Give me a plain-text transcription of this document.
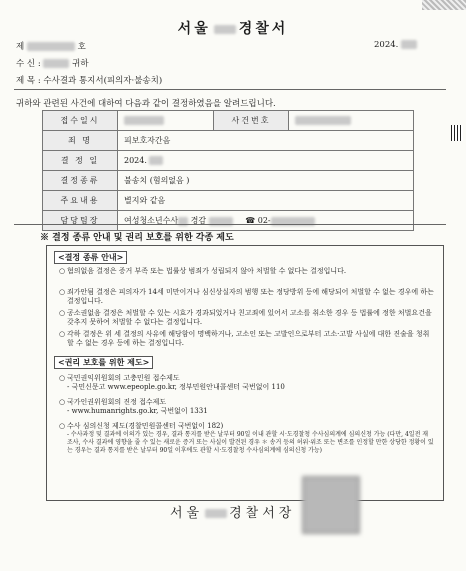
서울 경찰서
제	호	2024.
수 신 :	귀하
제 목 : 수사결과 통지서(피의자·불송치)
귀하와 관련된 사건에 대하여 다음과 같이 결정하였음을 알려드립니다.
접수일시		사건번호	
죄 명	피보호자간음		
결 정 일	2024.		
결정종류	불송치 (혐의없음 )		
주요내용	별지와 같음		
담당팀장	여성청소년수사 경감 ☎ 02-		
※ 결정 종류 안내 및 권리 보호를 위한 각종 제도
<결정 종류 안내>
○ 혐의없음 결정은 증거 부족 또는 법률상 범죄가 성립되지 않아 처벌할 수 없다는 결정입니다.
○ 죄가안됨 결정은 피의자가 14세 미만이거나 심신상실자의 범행 또는 정당방위 등에 해당되어 처벌할 수 없는 경우에 하는 결정입니다.
○ 공소권없음 결정은 처벌할 수 있는 시효가 경과되었거나 친고죄에 있어서 고소를 취소한 경우 등 법률에 정한 처벌요건을 갖추지 못하여 처벌할 수 없다는 결정입니다.
○ 각하 결정은 위 세 결정의 사유에 해당함이 명백하거나, 고소인 또는 고발인으로부터 고소·고발 사실에 대한 진술을 청취할 수 없는 경우 등에 하는 결정입니다.
<권리 보호를 위한 제도>
○ 국민권익위원회의 고충민원 접수제도
- 국민신문고 www.epeople.go.kr, 정부민원안내콜센터 국번없이 110
○ 국가인권위원회의 진정 접수제도
- www.humanrights.go.kr, 국번없이 1331
○ 수사 심의신청 제도(경찰민원콜센터 국번없이 182)
- 수사과정 및 결과에 이의가 있는 경우, 결과 통지를 받은 날부터 90일 이내 관할 시·도경찰청 수사심의계에 심의신청 가능 (다만, 4일전 재 조사, 수사 결과에 영향을 줄 수 있는 새로운 증거 또는 사실이 발견된 경우 ＊ 송거 등의 허위·위조 또는 변조를 인정할 만한 상당한 정황이 있는 경우는 결과 통지를 받은 날부터 90일 이후에도 관할 시·도경찰청 수사심의계에 심의신청 가능)
서울 경찰서장
